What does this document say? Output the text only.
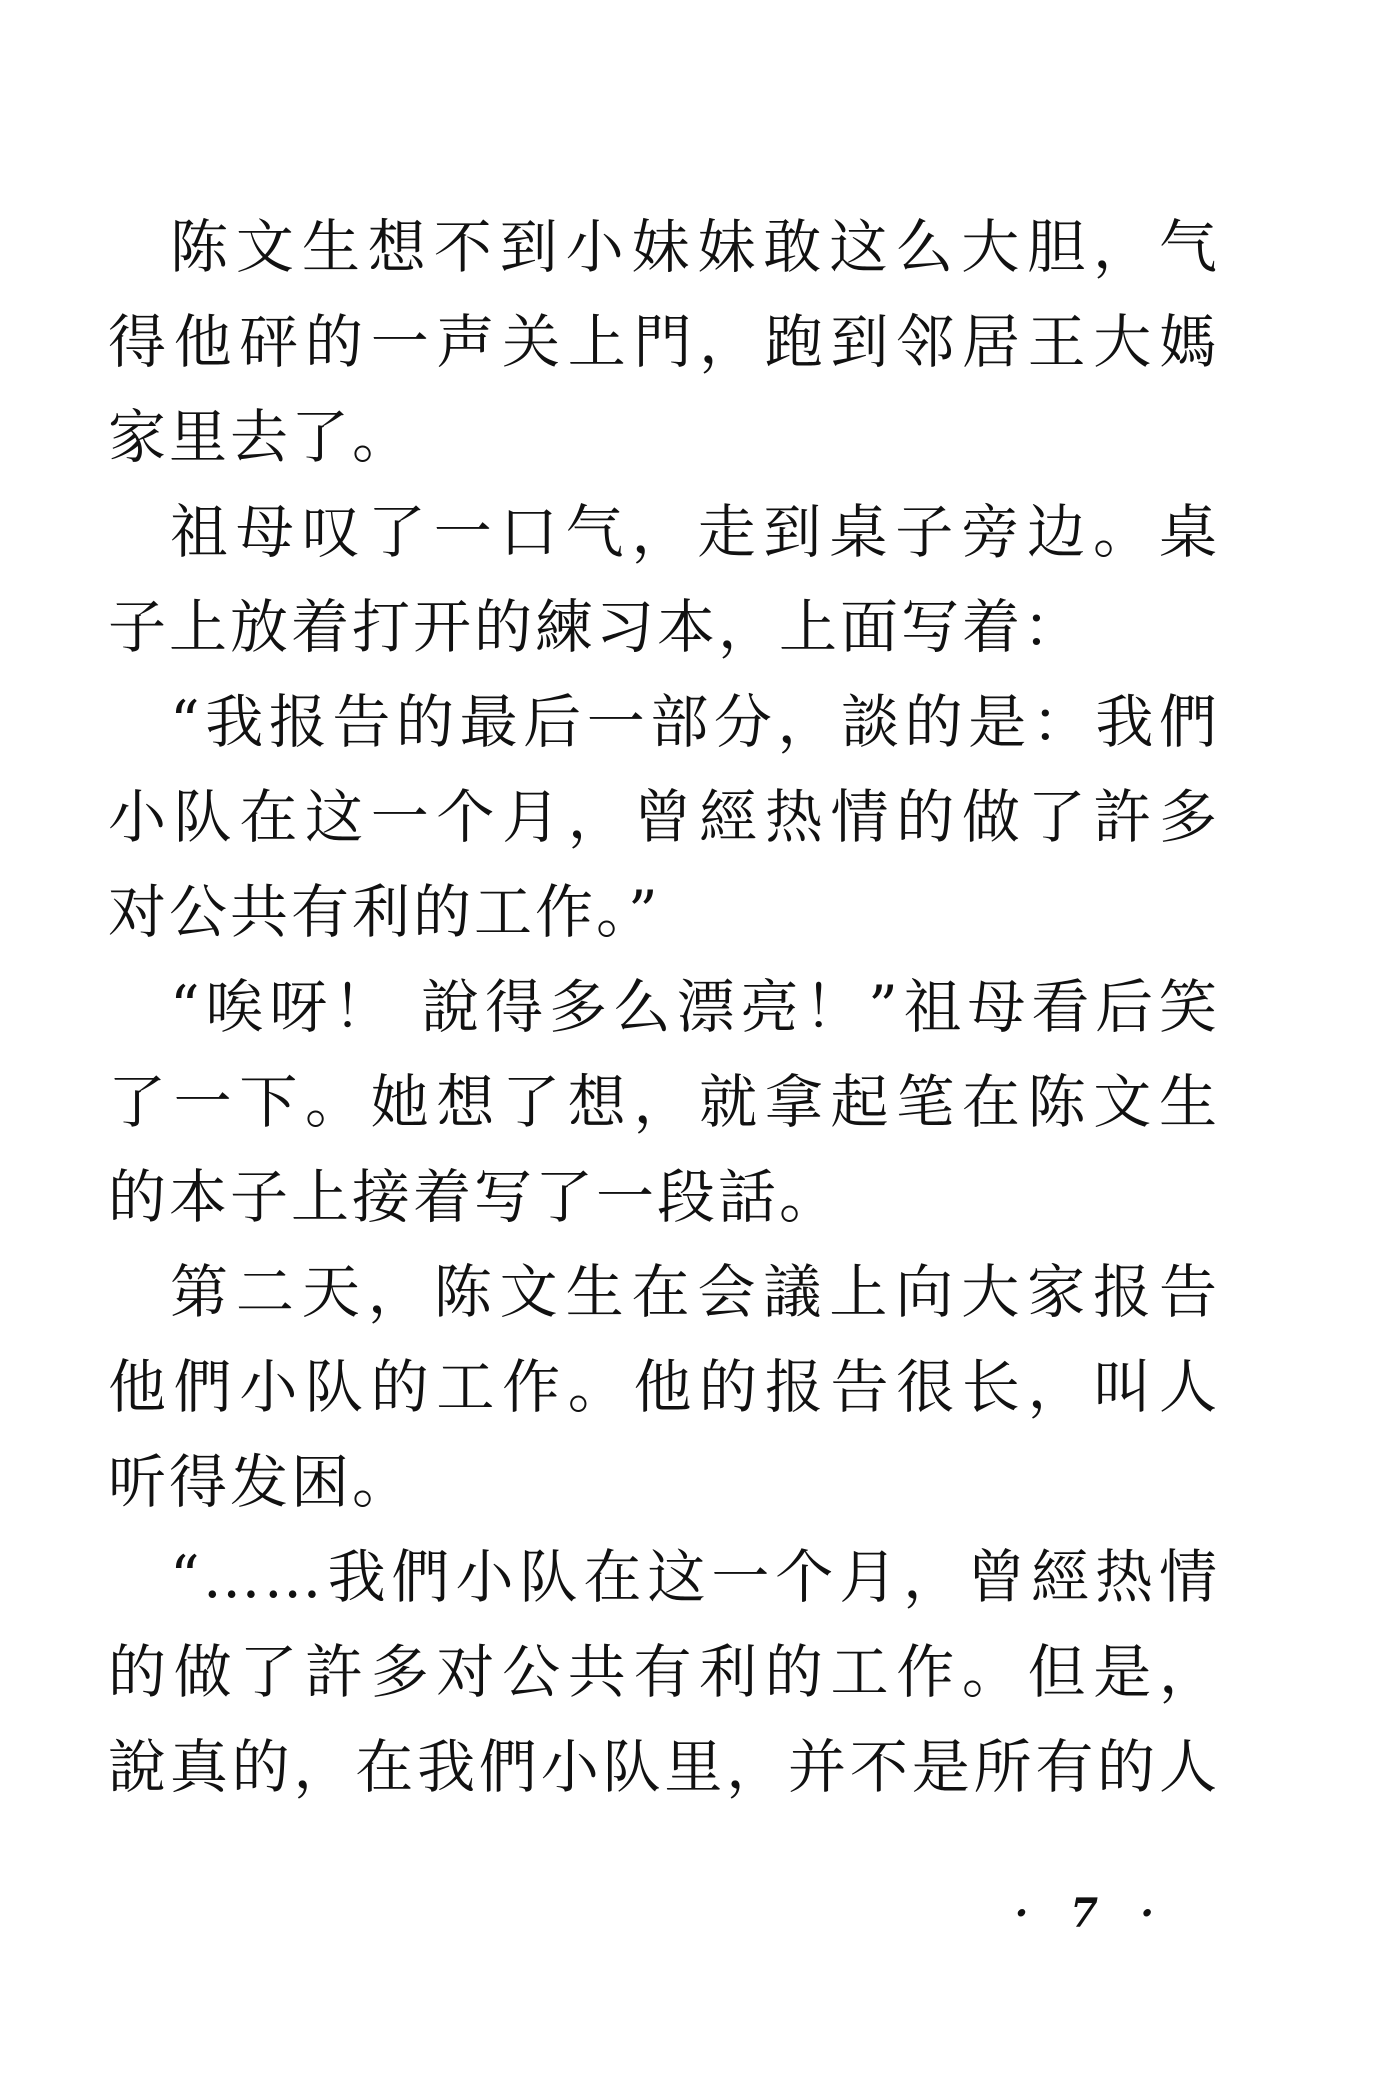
陈文生想不到小妹妹敢这么大胆，气
得他砰的一声关上門，跑到邻居王大媽
家里去了。
祖母叹了一口气，走到桌子旁边。桌
子上放着打开的練习本，上面写着：
“我报告的最后一部分，談的是：我們
小队在这一个月，曾經热情的做了許多
对公共有利的工作。”
“唉呀！ 說得多么漂亮！”祖母看后笑
了一下。她想了想，就拿起笔在陈文生
的本子上接着写了一段話。
第二天，陈文生在会議上向大家报告
他們小队的工作。他的报告很长，叫人
听得发困。
“……我們小队在这一个月，曾經热情
的做了許多对公共有利的工作。但是，
說真的，在我們小队里，并不是所有的人
· 7 ·
